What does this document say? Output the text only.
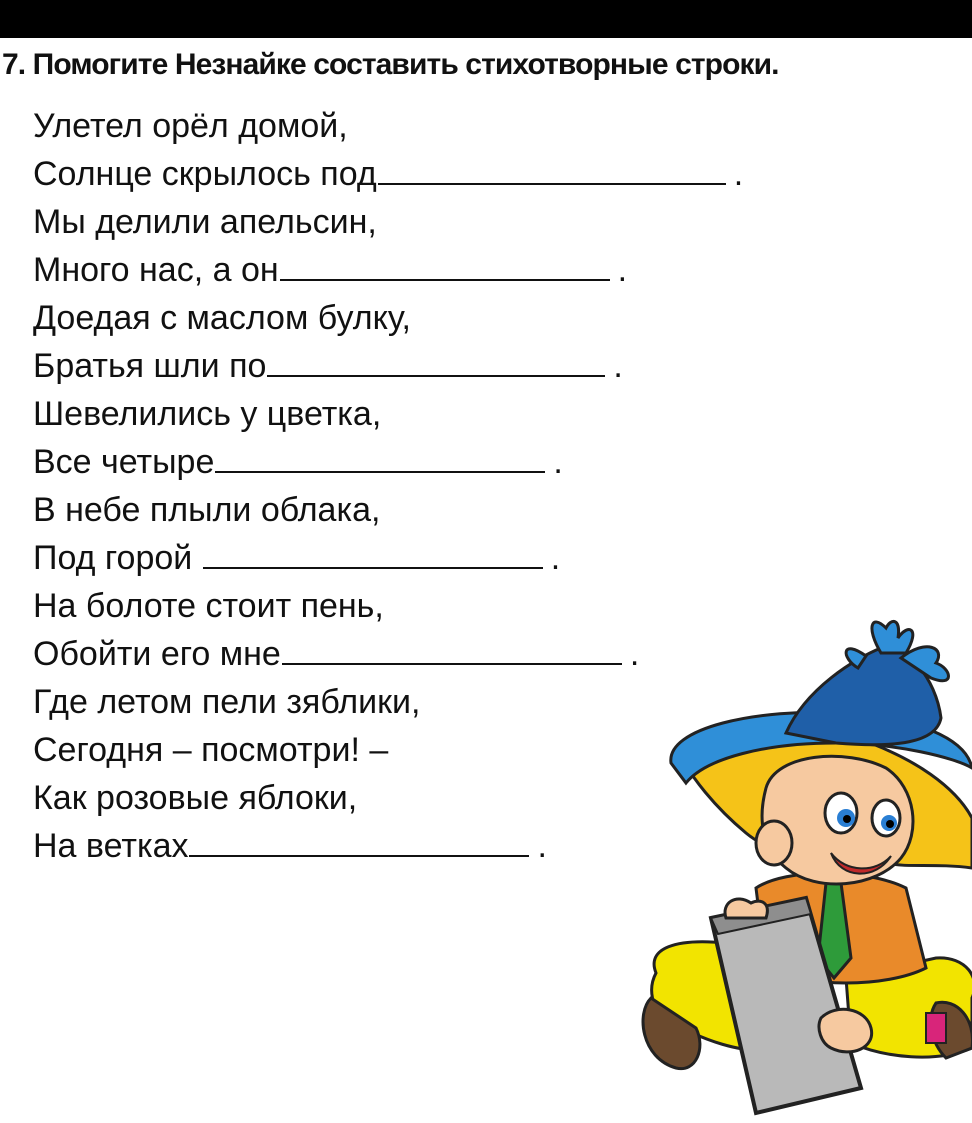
7. Помогите Незнайке составить стихотворные строки.
Улетел орёл домой,
Солнце скрылось под	.
Мы делили апельсин,
Много нас, а он	.
Доедая с маслом булку,
Братья шли по	.
Шевелились у цветка,
Все четыре	.
В небе плыли облака,
Под горой	.
На болоте стоит пень,
Обойти его мне	.
Где летом пели зяблики,
Сегодня – посмотри! –
Как розовые яблоки,
На ветках	.
